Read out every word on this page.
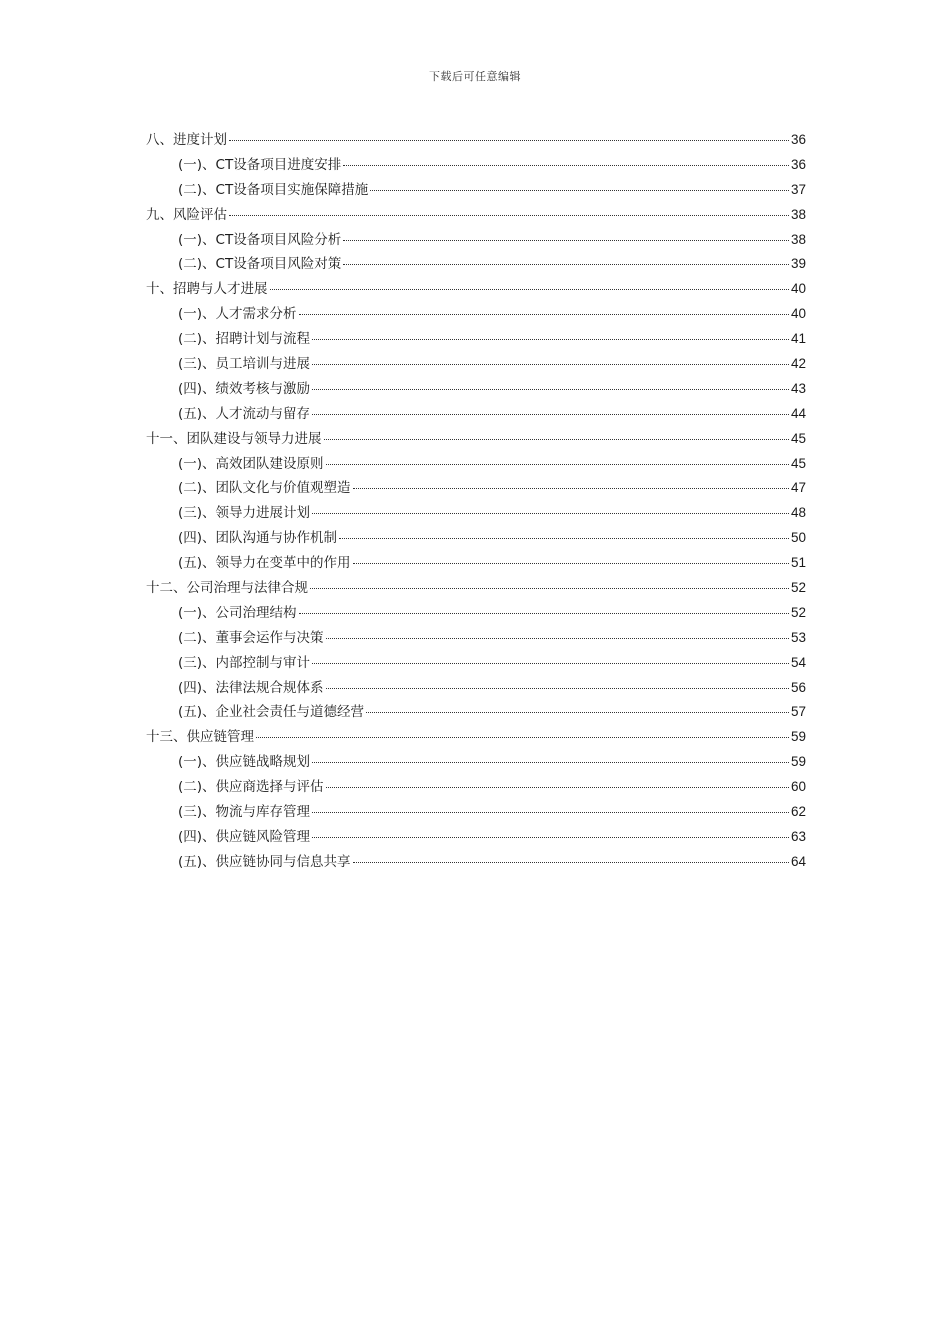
下载后可任意编辑
八、进度计划	36
(一)、CT设备项目进度安排	36
(二)、CT设备项目实施保障措施	37
九、风险评估	38
(一)、CT设备项目风险分析	38
(二)、CT设备项目风险对策	39
十、招聘与人才进展	40
(一)、人才需求分析	40
(二)、招聘计划与流程	41
(三)、员工培训与进展	42
(四)、绩效考核与激励	43
(五)、人才流动与留存	44
十一、团队建设与领导力进展	45
(一)、高效团队建设原则	45
(二)、团队文化与价值观塑造	47
(三)、领导力进展计划	48
(四)、团队沟通与协作机制	50
(五)、领导力在变革中的作用	51
十二、公司治理与法律合规	52
(一)、公司治理结构	52
(二)、董事会运作与决策	53
(三)、内部控制与审计	54
(四)、法律法规合规体系	56
(五)、企业社会责任与道德经营	57
十三、供应链管理	59
(一)、供应链战略规划	59
(二)、供应商选择与评估	60
(三)、物流与库存管理	62
(四)、供应链风险管理	63
(五)、供应链协同与信息共享	64
